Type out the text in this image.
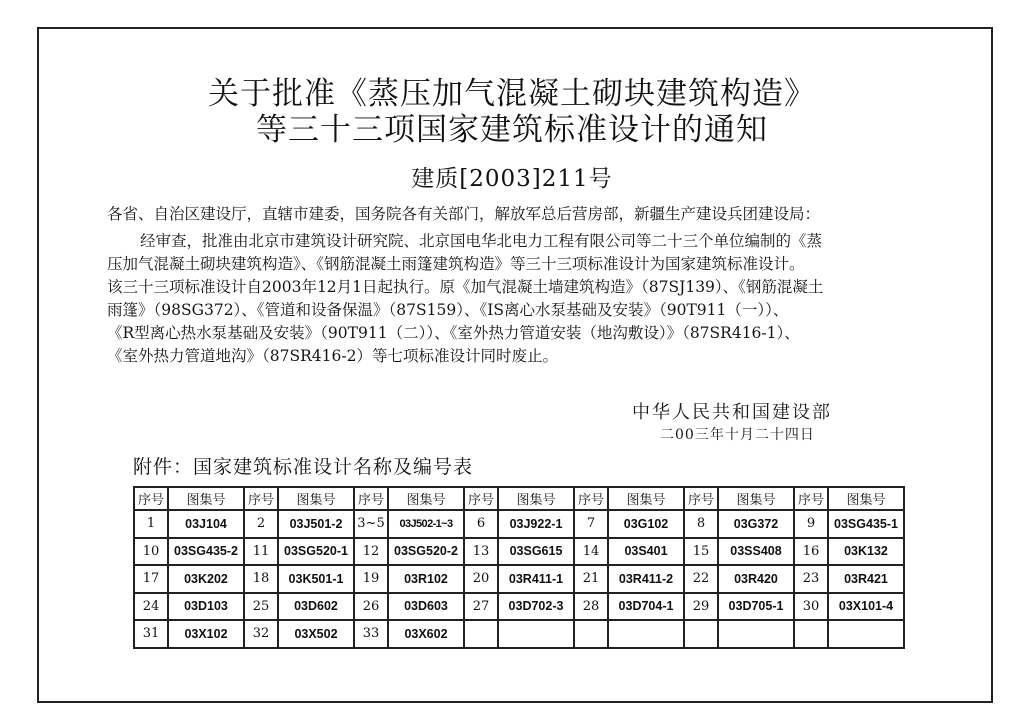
关于批准《蒸压加气混凝土砌块建筑构造》
等三十三项国家建筑标准设计的通知
建质[2003]211号
各省、自治区建设厅，直辖市建委，国务院各有关部门，解放军总后营房部，新疆生产建设兵团建设局：
经审查，批准由北京市建筑设计研究院、北京国电华北电力工程有限公司等二十三个单位编制的《蒸
压加气混凝土砌块建筑构造》、《钢筋混凝土雨篷建筑构造》等三十三项标准设计为国家建筑标准设计。
该三十三项标准设计自2003年12月1日起执行。原《加气混凝土墙建筑构造》（87SJ139）、《钢筋混凝土
雨篷》（98SG372）、《管道和设备保温》（87S159）、《IS离心水泵基础及安装》（90T911（一））、
《R型离心热水泵基础及安装》（90T911（二））、《室外热力管道安装（地沟敷设）》（87SR416-1）、
《室外热力管道地沟》（87SR416-2）等七项标准设计同时废止。
中华人民共和国建设部
二00三年十月二十四日
附件：国家建筑标准设计名称及编号表
序号	图集号	序号	图集号	序号	图集号	序号	图集号	序号	图集号	序号	图集号	序号	图集号
1	03J104	2	03J501-2	3~5	03J502-1~3	6	03J922-1	7	03G102	8	03G372	9	03SG435-1
10	03SG435-2	11	03SG520-1	12	03SG520-2	13	03SG615	14	03S401	15	03SS408	16	03K132
17	03K202	18	03K501-1	19	03R102	20	03R411-1	21	03R411-2	22	03R420	23	03R421
24	03D103	25	03D602	26	03D603	27	03D702-3	28	03D704-1	29	03D705-1	30	03X101-4
31	03X102	32	03X502	33	03X602								
